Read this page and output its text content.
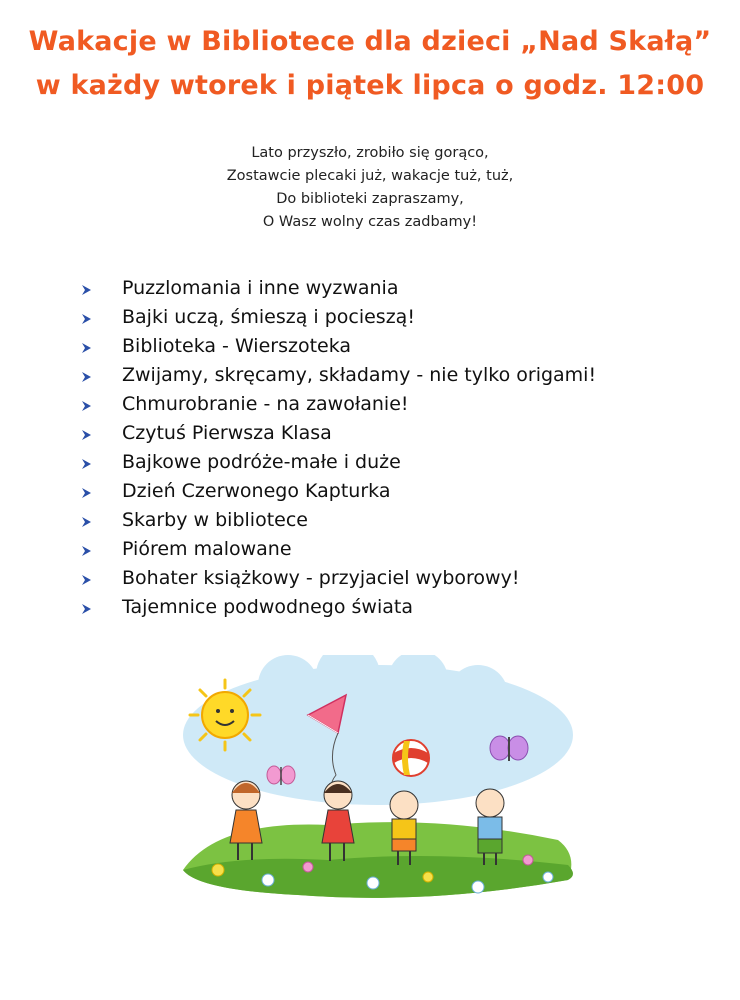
Wakacje w Bibliotece dla dzieci „Nad Skałą”
w każdy wtorek i piątek lipca o godz. 12:00
Lato przyszło, zrobiło się gorąco,
Zostawcie plecaki już, wakacje tuż, tuż,
Do biblioteki zapraszamy,
O Wasz wolny czas zadbamy!
Puzzlomania i inne wyzwania
Bajki uczą, śmieszą i pocieszą!
Biblioteka - Wierszoteka
Zwijamy, skręcamy, składamy - nie tylko origami!
Chmurobranie - na zawołanie!
Czytuś Pierwsza Klasa
Bajkowe podróże-małe i duże
Dzień Czerwonego Kapturka
Skarby w bibliotece
Piórem malowane
Bohater książkowy - przyjaciel wyborowy!
Tajemnice podwodnego świata
